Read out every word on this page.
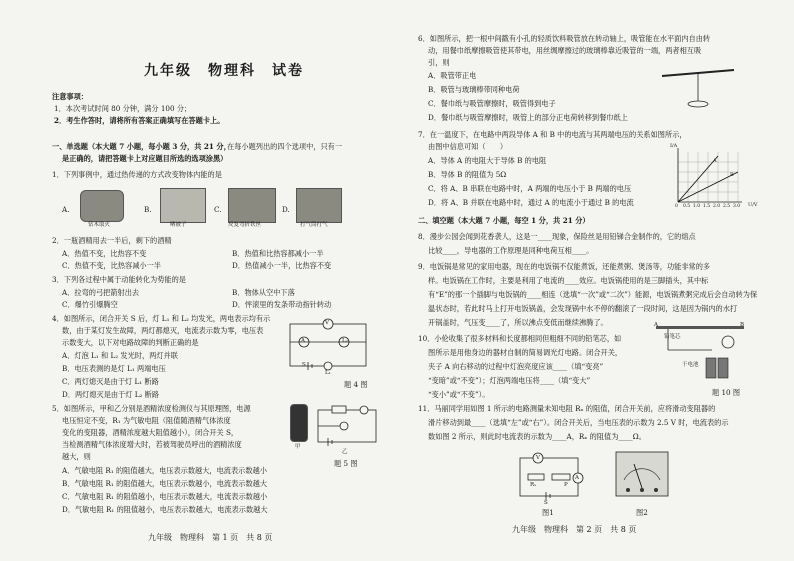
九年级　物理科　试卷
注意事项：
1．本次考试时间 80 分钟，满分 100 分；
2．考生作答时，请将所有答案正确填写在答题卡上。
一、单选题（本大题 7 小题，每小题 3 分，共 21 分，
在每小题列出的四个选项中，只有一
是正确的，请把答题卡上对应题目所选的选项涂黑）
1．下列事例中，通过热传递的方式改变物体内能的是
A.
钻木取火
B.
晒被子
C.
反复弯折铁丝
D.
打气筒打气
2．一瓶酒精用去一半后，剩下的酒精
A．热值不变，比热容不变	B．热值和比热容都减小一半
C．热值不变，比热容减小一半	D．热值减小一半，比热容不变
3．下列各过程中属于动能转化为势能的是
A．拉弯的弓把箭射出去	B．物体从空中下落
C．爆竹引爆腾空	D．怦滚里的发条带动指针转动
4．如图所示，闭合开关 S 后，灯 L₁ 和 L₂ 均发光，两电表示均有示
数，由于某灯发生故障，两灯都熄灭，电流表示数为零，电压表
示数变大，以下对电路故障的判断正确的是
A．灯泡 L₁ 和 L₂ 发光时，两灯并联
B．电压表测的是灯 L₁ 两端电压
C．两灯熄灭是由于灯 L₁ 断路
D．两灯熄灭是由于灯 L₂ 断路
V
A	L₂
L₁
S
题 4 图
5．如图所示，甲和乙分别是酒精浓度检测仪与其原理图，电源
电压恒定不变，R₁ 为气敏电阻（阻值随酒精气体浓度
变化的变阻器，酒精浓度越大阻值越小），闭合开关 S，
当检测酒精气体浓度增大时，若被驾驶员呼出的酒精浓度
越大，则
A．气敏电阻 R₁ 的阻值越大，电压表示数越大，电流表示数越小
B．气敏电阻 R₁ 的阻值越大，电压表示数越小，电流表示数越大
C．气敏电阻 R₁ 的阻值越小，电压表示数越大，电流表示数越小
D．气敏电阻 R₁ 的阻值越小，电压表示数越大，电流表示数越大
甲
乙
题 5 图
九年级　物理科　第 1 页　共 8 页
6．如图所示，把一根中间戳有小孔的轻质饮料吸管放在转动轴上，吸管能在水平面内自由转
动，用餐巾纸摩擦吸管使其带电，用丝绸摩擦过的玻璃棒靠近吸管的一端，两者相互吸
引，则
A．吸管带正电
B．吸管与玻璃棒带同种电荷
C．餐巾纸与吸管摩擦时，吸管得到电子
D．餐巾纸与吸管摩擦时，吸管上的部分正电荷转移到餐巾纸上
7．在一温度下，在电路中两段导体 A 和 B 中的电流与其两端电压的关系如图所示，
由图中信息可知（　　）
A．导体 A 的电阻大于导体 B 的电阻
B．导体 B 的阻值为 5Ω
C．将 A、B 串联在电路中时，A 两端的电压小于 B 两端的电压
D．将 A、B 并联在电路中时，通过 A 的电流小于通过 B 的电流
I/A
U/V
A
B
0 0.5 1.0 1.5 2.0 2.5 3.0
二、填空题（本大题 7 小题，每空 1 分，共 21 分）
8．漫步公园会闻到花香袭人，这是一____现象，保险丝是用铅锑合金制作的，它的熔点
比较____，导电器的工作原理是同种电荷互相____。
9．电饭锅是常见的家用电器，现在的电饭锅不仅能煮饭，还能煮粥、煲汤等，功能非常的多
样。电饭锅在工作时，主要是利用了电流的____效应。电饭锅使用的是三脚插头，其中标
有“E”的那一个插脚与电饭锅的____相连（选填“一次”或“二次”）能源，电饭锅煮粥完成后会自动转为保
温状态时，若此时马上打开电饭锅盖，会发现锅中水不停的翻滚了一段时间，这是因为锅内的水打
开锅盖时，气压变____了，所以沸点变低而继续沸腾了。
10．小伦收集了很多材料和长度都相同但粗细不同的铅笔芯，如
图所示是用他身边的器材自制的简易调光灯电路。闭合开关，
夹子 A 向右移动的过程中灯泡亮度应该____（填“变亮”
“变暗”或“不变”）；灯泡两端电压将____（填“变大”
“变小”或“不变”）。
铅笔芯
A	B
干电池
题 10 图
11．马丽同学用如图 1 所示的电路测量未知电阻 Rₓ 的阻值，闭合开关前，应将滑动变阻器的
滑片移动到最____（选填“左”或“右”）。闭合开关后，当电压表的示数为 2.5 V 时，电流表的示
数如图 2 所示，则此时电流表的示数为____A，Rₓ 的阻值为____Ω。
V
A
Rₓ	P
S
图1	图2
九年级　物理科　第 2 页　共 8 页
